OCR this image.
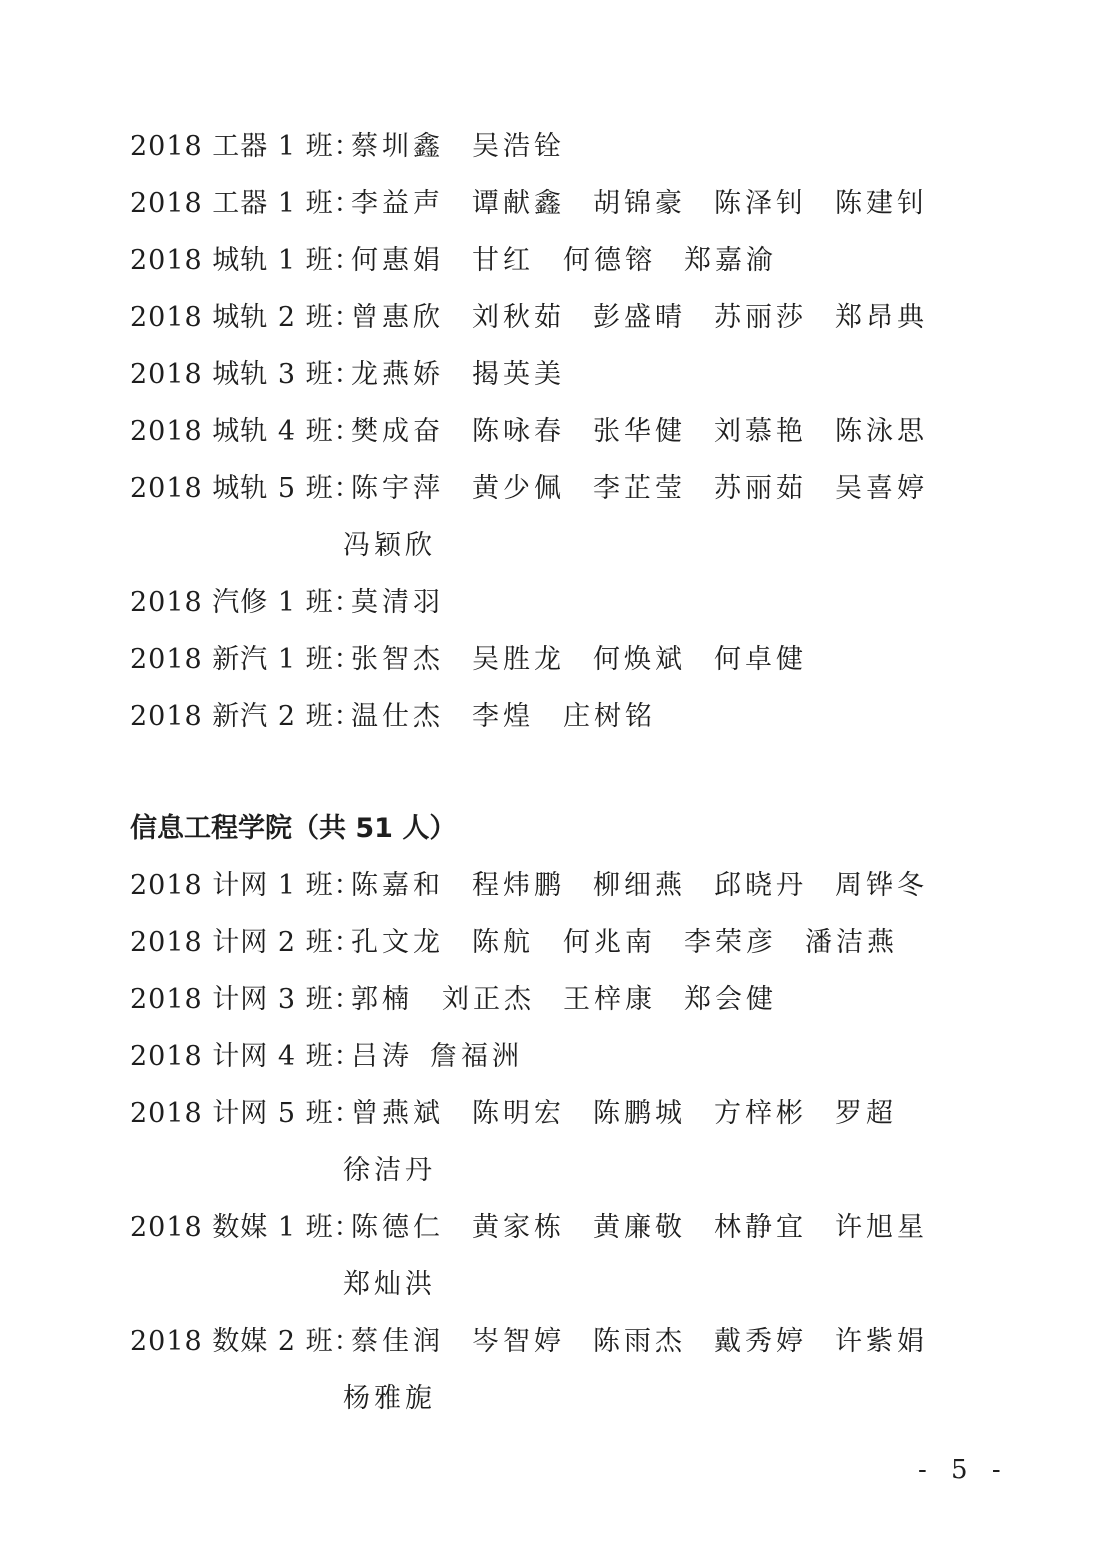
2018 工器 1 班：
蔡圳鑫 吴浩铨
2018 工器 1 班：
李益声 谭献鑫 胡锦豪 陈泽钊 陈建钊
2018 城轨 1 班：
何惠娟 甘红 何德镕 郑嘉渝
2018 城轨 2 班：
曾惠欣 刘秋茹 彭盛晴 苏丽莎 郑昂典
2018 城轨 3 班：
龙燕娇 揭英美
2018 城轨 4 班：
樊成奋 陈咏春 张华健 刘慕艳 陈泳思
2018 城轨 5 班：
陈宇萍 黄少佩 李芷莹 苏丽茹 吴喜婷
冯颖欣
2018 汽修 1 班：
莫清羽
2018 新汽 1 班：
张智杰 吴胜龙 何焕斌 何卓健
2018 新汽 2 班：
温仕杰 李煌 庄树铭
信息工程学院（共 51 人）
2018 计网 1 班：
陈嘉和 程炜鹏 柳细燕 邱晓丹 周铧冬
2018 计网 2 班：
孔文龙 陈航 何兆南 李荣彦 潘洁燕
2018 计网 3 班：
郭楠 刘正杰 王梓康 郑会健
2018 计网 4 班：
吕涛 詹福洲
2018 计网 5 班：
曾燕斌 陈明宏 陈鹏城 方梓彬 罗超
徐洁丹
2018 数媒 1 班：
陈德仁 黄家栋 黄廉敬 林静宜 许旭星
郑灿洪
2018 数媒 2 班：
蔡佳润 岑智婷 陈雨杰 戴秀婷 许紫娟
杨雅旎
- 5 -
